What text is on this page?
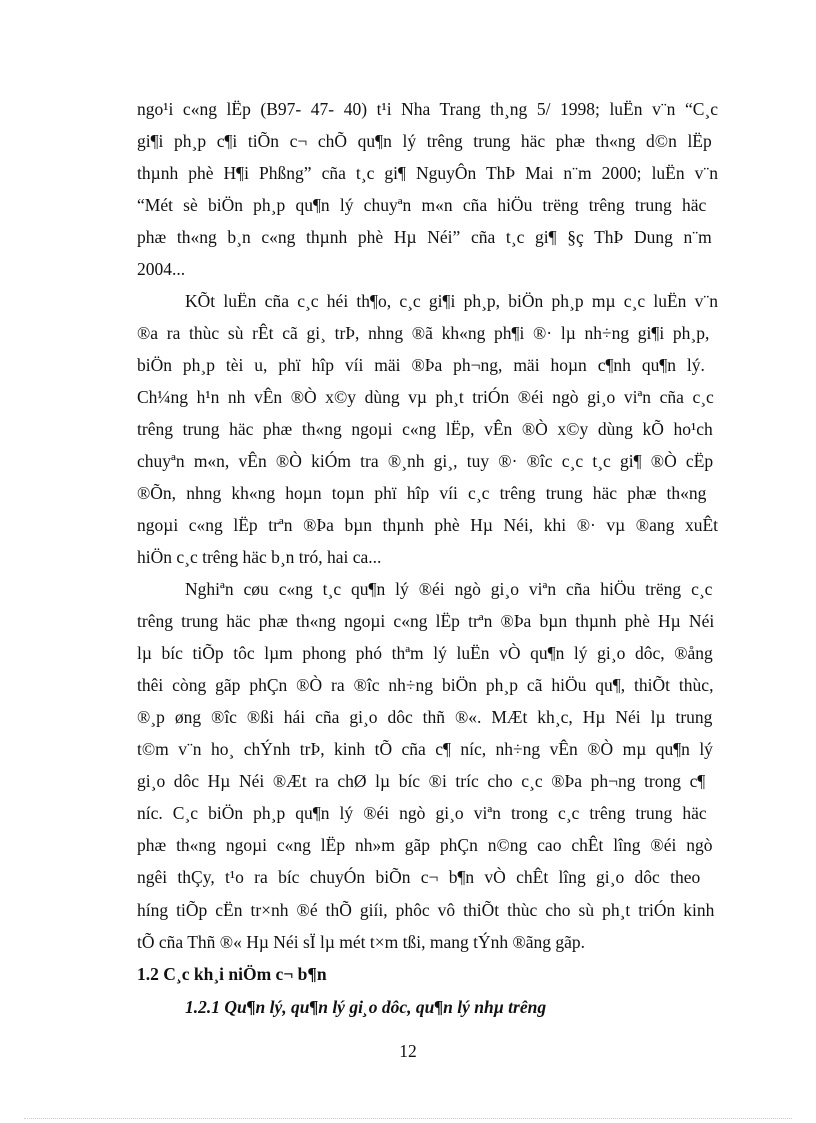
ngo¹i c«ng lËp (B97- 47- 40) t¹i Nha Trang th¸ng 5/ 1998; luËn v¨n “C¸c
gi¶i ph¸p c¶i tiÕn c¬ chÕ qu¶n lý trêng trung häc phæ th«ng d©n lËp
thµnh phè H¶i Phßng” cña t¸c gi¶ NguyÔn ThÞ Mai n¨m 2000; luËn v¨n
“Mét sè biÖn ph¸p qu¶n lý chuyªn m«n cña hiÖu trëng trêng trung häc
phæ th«ng b¸n c«ng thµnh phè Hµ Néi” cña t¸c gi¶ §ç ThÞ Dung n¨m
2004...
KÕt luËn cña c¸c héi th¶o, c¸c gi¶i ph¸p, biÖn ph¸p mµ c¸c luËn v¨n
®a ra thùc sù rÊt cã gi¸ trÞ, nhng ®ã kh«ng ph¶i ®· lµ nh÷ng gi¶i ph¸p,
biÖn ph¸p tèi u, phï hîp víi mäi ®Þa ph¬ng, mäi hoµn c¶nh qu¶n lý.
Ch¼ng h¹n nh vÊn ®Ò x©y dùng vµ ph¸t triÓn ®éi ngò gi¸o viªn cña c¸c
trêng trung häc phæ th«ng ngoµi c«ng lËp, vÊn ®Ò x©y dùng kÕ ho¹ch
chuyªn m«n, vÊn ®Ò kiÓm tra ®¸nh gi¸, tuy ®· ®îc c¸c t¸c gi¶ ®Ò cËp
®Õn, nhng kh«ng hoµn toµn phï hîp víi c¸c trêng trung häc phæ th«ng
ngoµi c«ng lËp trªn ®Þa bµn thµnh phè Hµ Néi, khi ®· vµ ®ang xuÊt
hiÖn c¸c trêng häc b¸n tró, hai ca...
Nghiªn cøu c«ng t¸c qu¶n lý ®éi ngò gi¸o viªn cña hiÖu trëng c¸c
trêng trung häc phæ th«ng ngoµi c«ng lËp trªn ®Þa bµn thµnh phè Hµ Néi
lµ bíc tiÕp tôc lµm phong phó thªm lý luËn vÒ qu¶n lý gi¸o dôc, ®ång
thêi còng gãp phÇn ®Ò ra ®îc nh÷ng biÖn ph¸p cã hiÖu qu¶, thiÕt thùc,
®¸p øng ®îc ®ßi hái cña gi¸o dôc thñ ®«. MÆt kh¸c, Hµ Néi lµ trung
t©m v¨n ho¸ chÝnh trÞ, kinh tÕ cña c¶ níc, nh÷ng vÊn ®Ò mµ qu¶n lý
gi¸o dôc Hµ Néi ®Æt ra chØ lµ bíc ®i tríc cho c¸c ®Þa ph¬ng trong c¶
níc. C¸c biÖn ph¸p qu¶n lý ®éi ngò gi¸o viªn trong c¸c trêng trung häc
phæ th«ng ngoµi c«ng lËp nh»m gãp phÇn n©ng cao chÊt lîng ®éi ngò
ngêi thÇy, t¹o ra bíc chuyÓn biÕn c¬ b¶n vÒ chÊt lîng gi¸o dôc theo
híng tiÕp cËn tr×nh ®é thÕ giíi, phôc vô thiÕt thùc cho sù ph¸t triÓn kinh
tÕ cña Thñ ®« Hµ Néi sÏ lµ mét t×m tßi, mang tÝnh ®ãng gãp.
1.2 C¸c kh¸i niÖm c¬ b¶n
1.2.1 Qu¶n lý, qu¶n lý gi¸o dôc, qu¶n lý nhµ trêng
12
